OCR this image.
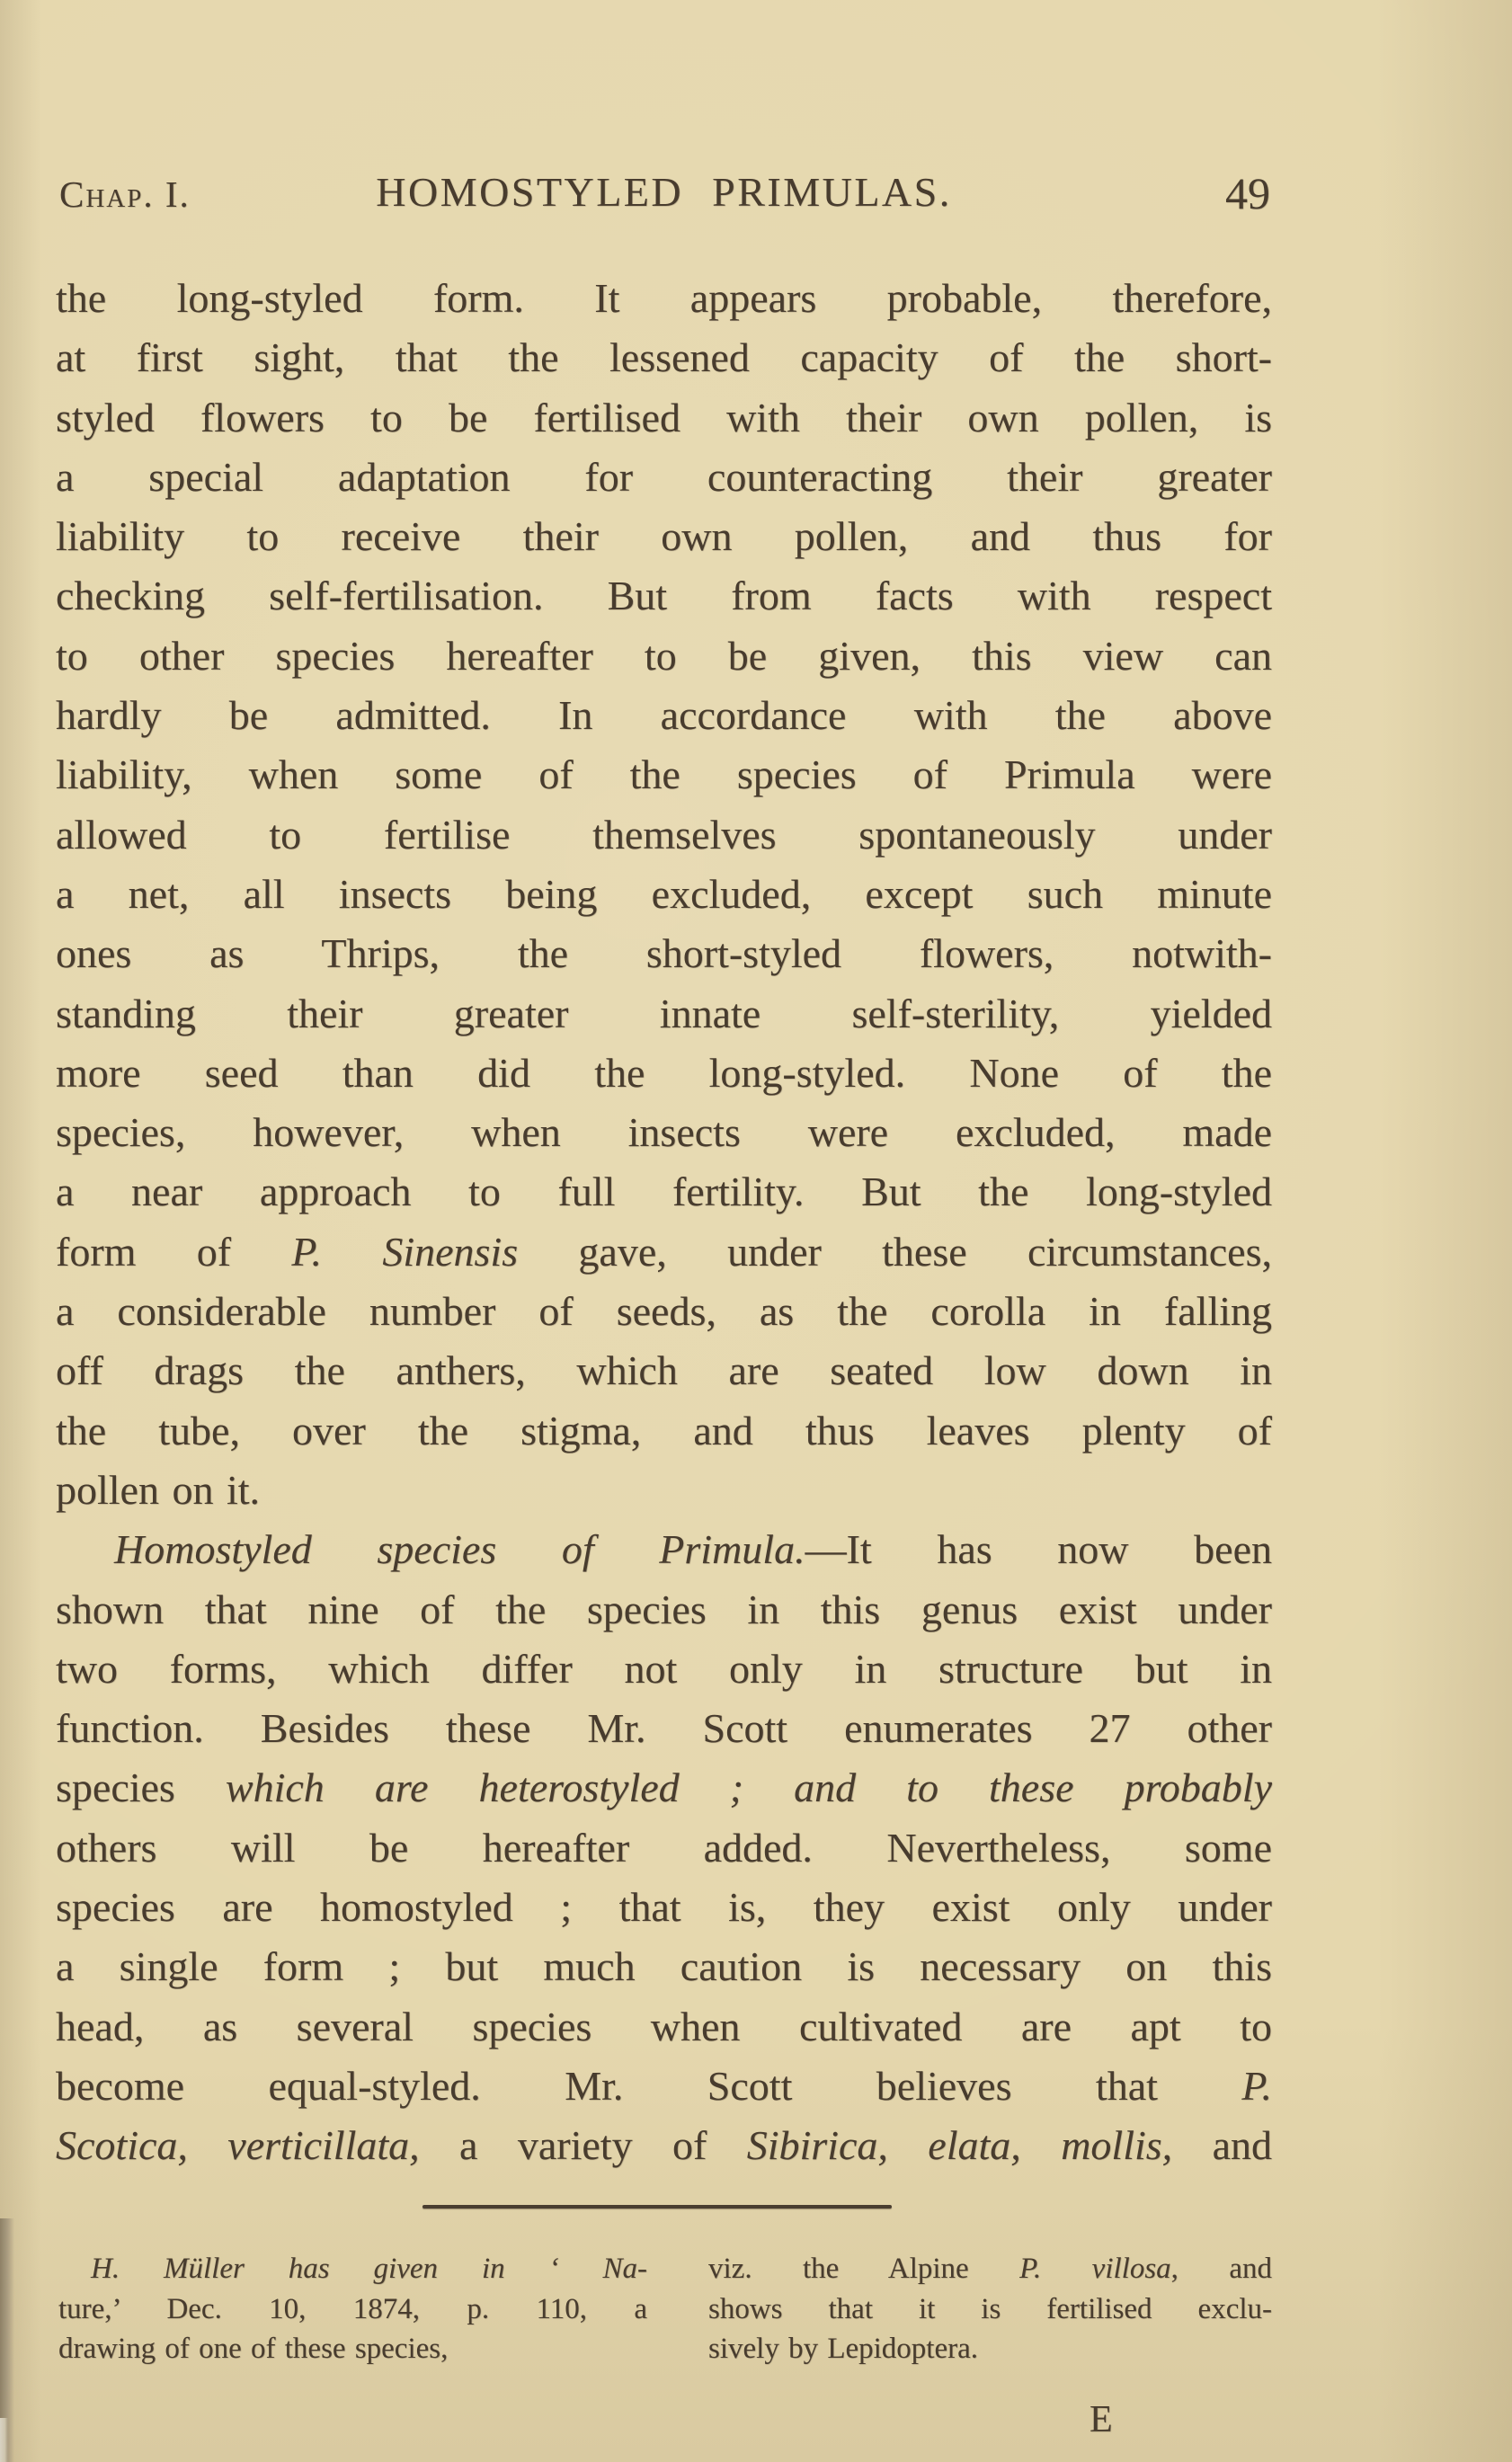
Chap. I.	HOMOSTYLED PRIMULAS.	49
the long-styled form. It appears probable, therefore,
at first sight, that the lessened capacity of the short-
styled flowers to be fertilised with their own pollen, is
a special adaptation for counteracting their greater
liability to receive their own pollen, and thus for
checking self-fertilisation. But from facts with respect
to other species hereafter to be given, this view can
hardly be admitted. In accordance with the above
liability, when some of the species of Primula were
allowed to fertilise themselves spontaneously under
a net, all insects being excluded, except such minute
ones as Thrips, the short-styled flowers, notwith-
standing their greater innate self-sterility, yielded
more seed than did the long-styled. None of the
species, however, when insects were excluded, made
a near approach to full fertility. But the long-styled
form of P. Sinensis gave, under these circumstances,
a considerable number of seeds, as the corolla in falling
off drags the anthers, which are seated low down in
the tube, over the stigma, and thus leaves plenty of
pollen on it.
Homostyled species of Primula.—It has now been
shown that nine of the species in this genus exist under
two forms, which differ not only in structure but in
function. Besides these Mr. Scott enumerates 27 other
species which are heterostyled ; and to these probably
others will be hereafter added. Nevertheless, some
species are homostyled ; that is, they exist only under
a single form ; but much caution is necessary on this
head, as several species when cultivated are apt to
become equal-styled. Mr. Scott believes that P.
Scotica, verticillata, a variety of Sibirica, elata, mollis, and
H. Müller has given in ‘ Na-
ture,’ Dec. 10, 1874, p. 110, a
drawing of one of these species,
viz. the Alpine P. villosa, and
shows that it is fertilised exclu-
sively by Lepidoptera.
E
